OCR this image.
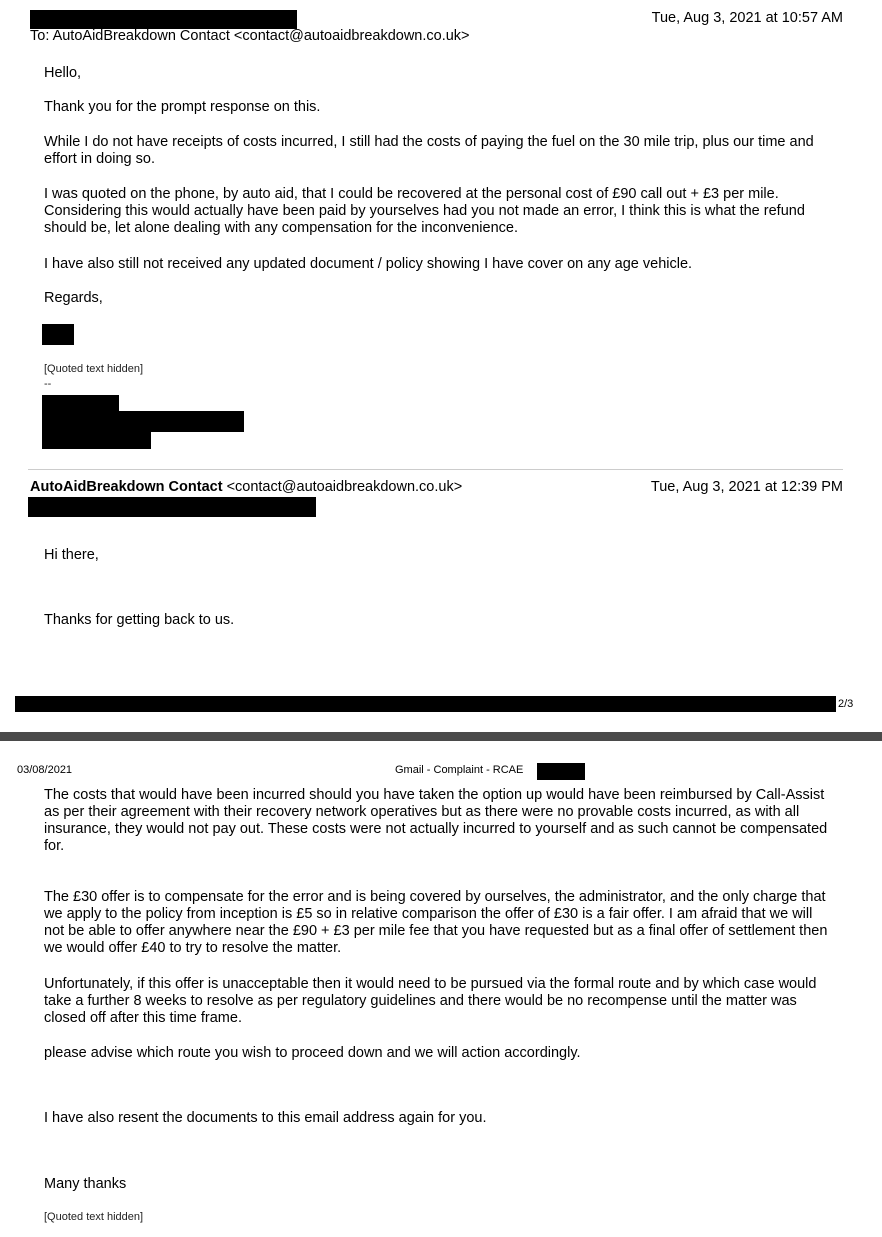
Tue, Aug 3, 2021 at 10:57 AM
To: AutoAidBreakdown Contact <contact@autoaidbreakdown.co.uk>
Hello,
Thank you for the prompt response on this.
While I do not have receipts of costs incurred, I still had the costs of paying the fuel on the 30 mile trip, plus our time and effort in doing so.
I was quoted on the phone, by auto aid, that I could be recovered at the personal cost of £90 call out + £3 per mile. Considering this would actually have been paid by yourselves had you not made an error, I think this is what the refund should be, let alone dealing with any compensation for the inconvenience.
I have also still not received any updated document / policy showing I have cover on any age vehicle.
Regards,
[Quoted text hidden]
--
AutoAidBreakdown Contact <contact@autoaidbreakdown.co.uk>	Tue, Aug 3, 2021 at 12:39 PM
Hi there,
Thanks for getting back to us.
2/3
03/08/2021	Gmail - Complaint - RCAE
The costs that would have been incurred should you have taken the option up would have been reimbursed by Call-Assist as per their agreement with their recovery network operatives but as there were no provable costs incurred, as with all insurance, they would not pay out. These costs were not actually incurred to yourself and as such cannot be compensated for.
The £30 offer is to compensate for the error and is being covered by ourselves, the administrator, and the only charge that we apply to the policy from inception is £5 so in relative comparison the offer of £30 is a fair offer. I am afraid that we will not be able to offer anywhere near the £90 + £3 per mile fee that you have requested but as a final offer of settlement then we would offer £40 to try to resolve the matter.
Unfortunately, if this offer is unacceptable then it would need to be pursued via the formal route and by which case would take a further 8 weeks to resolve as per regulatory guidelines and there would be no recompense until the matter was closed off after this time frame.
please advise which route you wish to proceed down and we will action accordingly.
I have also resent the documents to this email address again for you.
Many thanks
[Quoted text hidden]
